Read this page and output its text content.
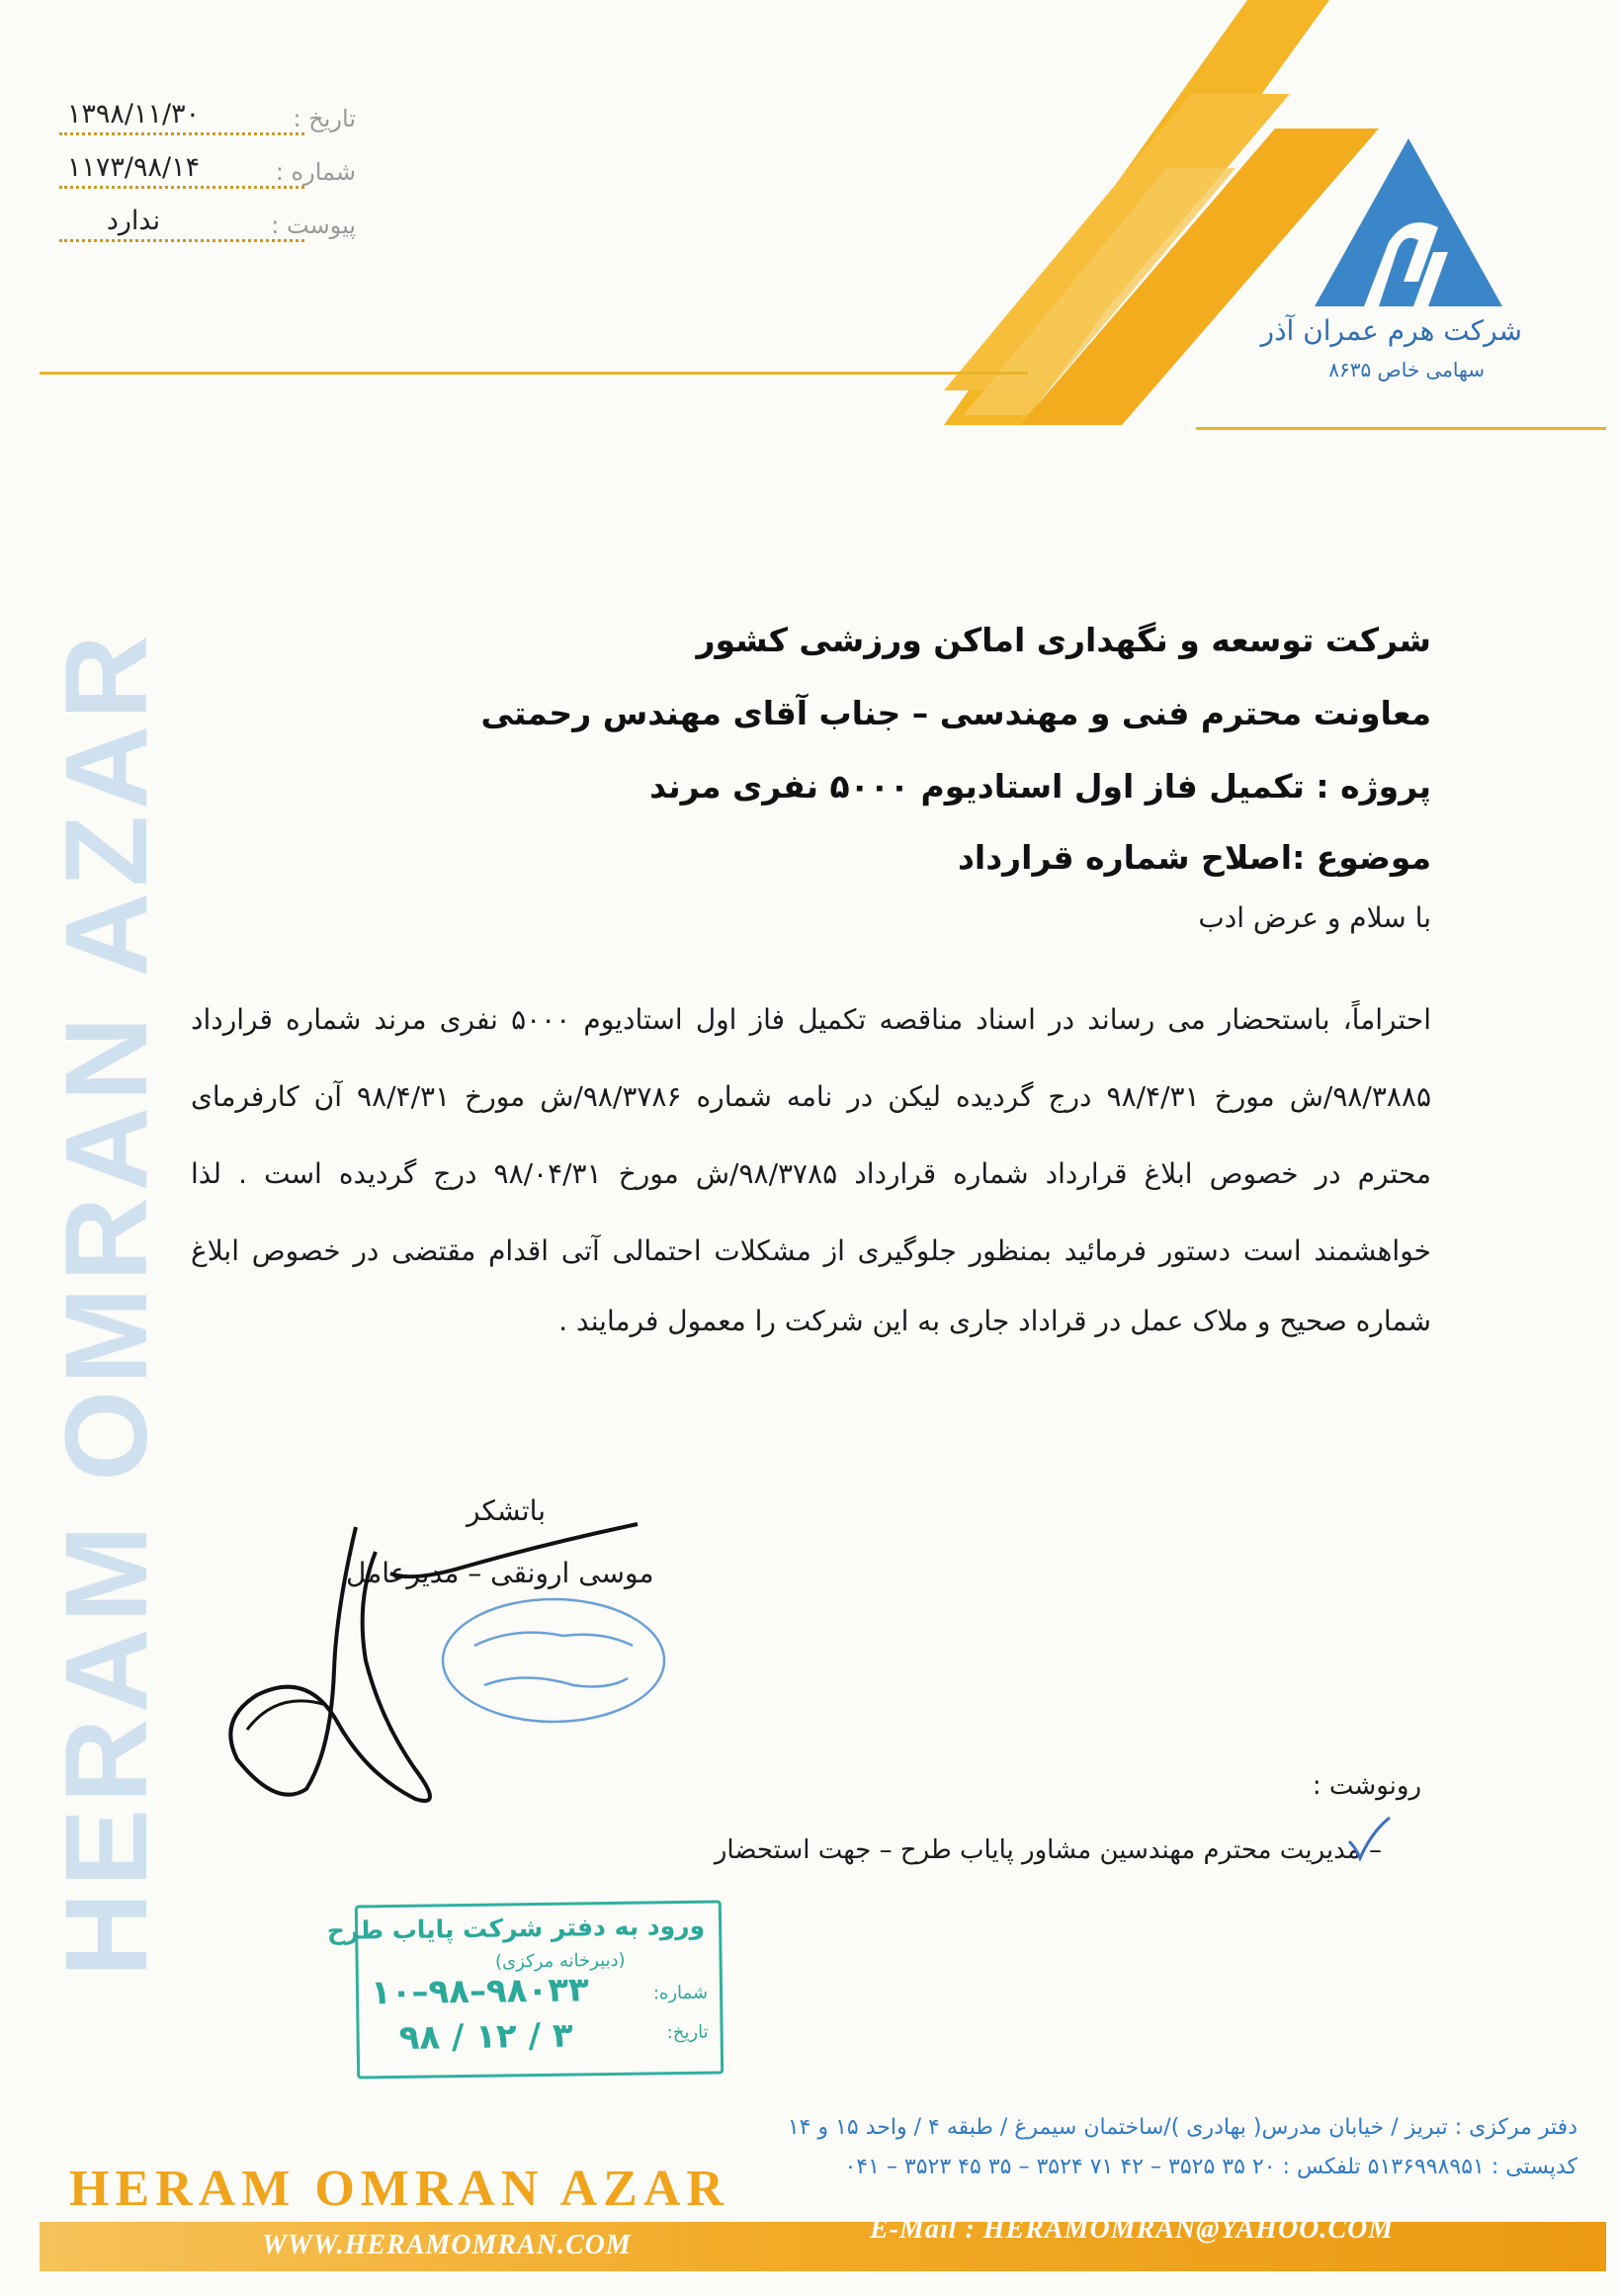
شرکت هرم عمران آذر
سهامی خاص ۸۶۳۵
۱۳۹۸/۱۱/۳۰	تاریخ :
۱۱۷۳/۹۸/۱۴	شماره :
ندارد	پیوست :
HERAM OMRAN AZAR	شرکت توسعه و نگهداری اماکن ورزشی کشور
معاونت محترم فنی و مهندسی – جناب آقای مهندس رحمتی
پروژه : تکمیل فاز اول استادیوم ۵۰۰۰ نفری مرند
موضوع :اصلاح شماره قرارداد
با سلام و عرض ادب
احتراماً، باستحضار می رساند در اسناد مناقصه تکمیل فاز اول استادیوم ۵۰۰۰ نفری مرند شماره قرارداد
۹۸/۳۸۸۵/ش مورخ ۹۸/۴/۳۱ درج گردیده لیکن در نامه شماره ۹۸/۳۷۸۶/ش مورخ ۹۸/۴/۳۱ آن کارفرمای
محترم در خصوص ابلاغ قرارداد شماره قرارداد ۹۸/۳۷۸۵/ش مورخ ۹۸/۰۴/۳۱ درج گردیده است . لذا
خواهشمند است دستور فرمائید بمنظور جلوگیری از مشکلات احتمالی آتی اقدام مقتضی در خصوص ابلاغ
شماره صحیح و ملاک عمل در قراداد جاری به این شرکت را معمول فرمایند .
باتشکر
موسی ارونقی – مدیرعامل
رونوشت :
– مدیریت محترم مهندسین مشاور پایاب طرح – جهت استحضار
ورود به دفتر شرکت پایاب طرح
(دبیرخانه مرکزی)
شماره:
۱۰–۹۸–۹۸۰۳۳
تاریخ:
۹۸ / ۱۲ / ۳
دفتر مرکزی : تبریز / خیابان مدرس( بهادری )/ساختمان سیمرغ / طبقه ۴ / واحد ۱۵ و ۱۴
کدپستی : ۵۱۳۶۹۹۸۹۵۱ تلفکس : ۲۰ ۳۵ ۳۵۲۵ – ۴۲ ۷۱ ۳۵۲۴ – ۳۵ ۴۵ ۳۵۲۳ – ۰۴۱
HERAM OMRAN AZAR
WWW.HERAMOMRAN.COM
E-Mail : HERAMOMRAN@YAHOO.COM
